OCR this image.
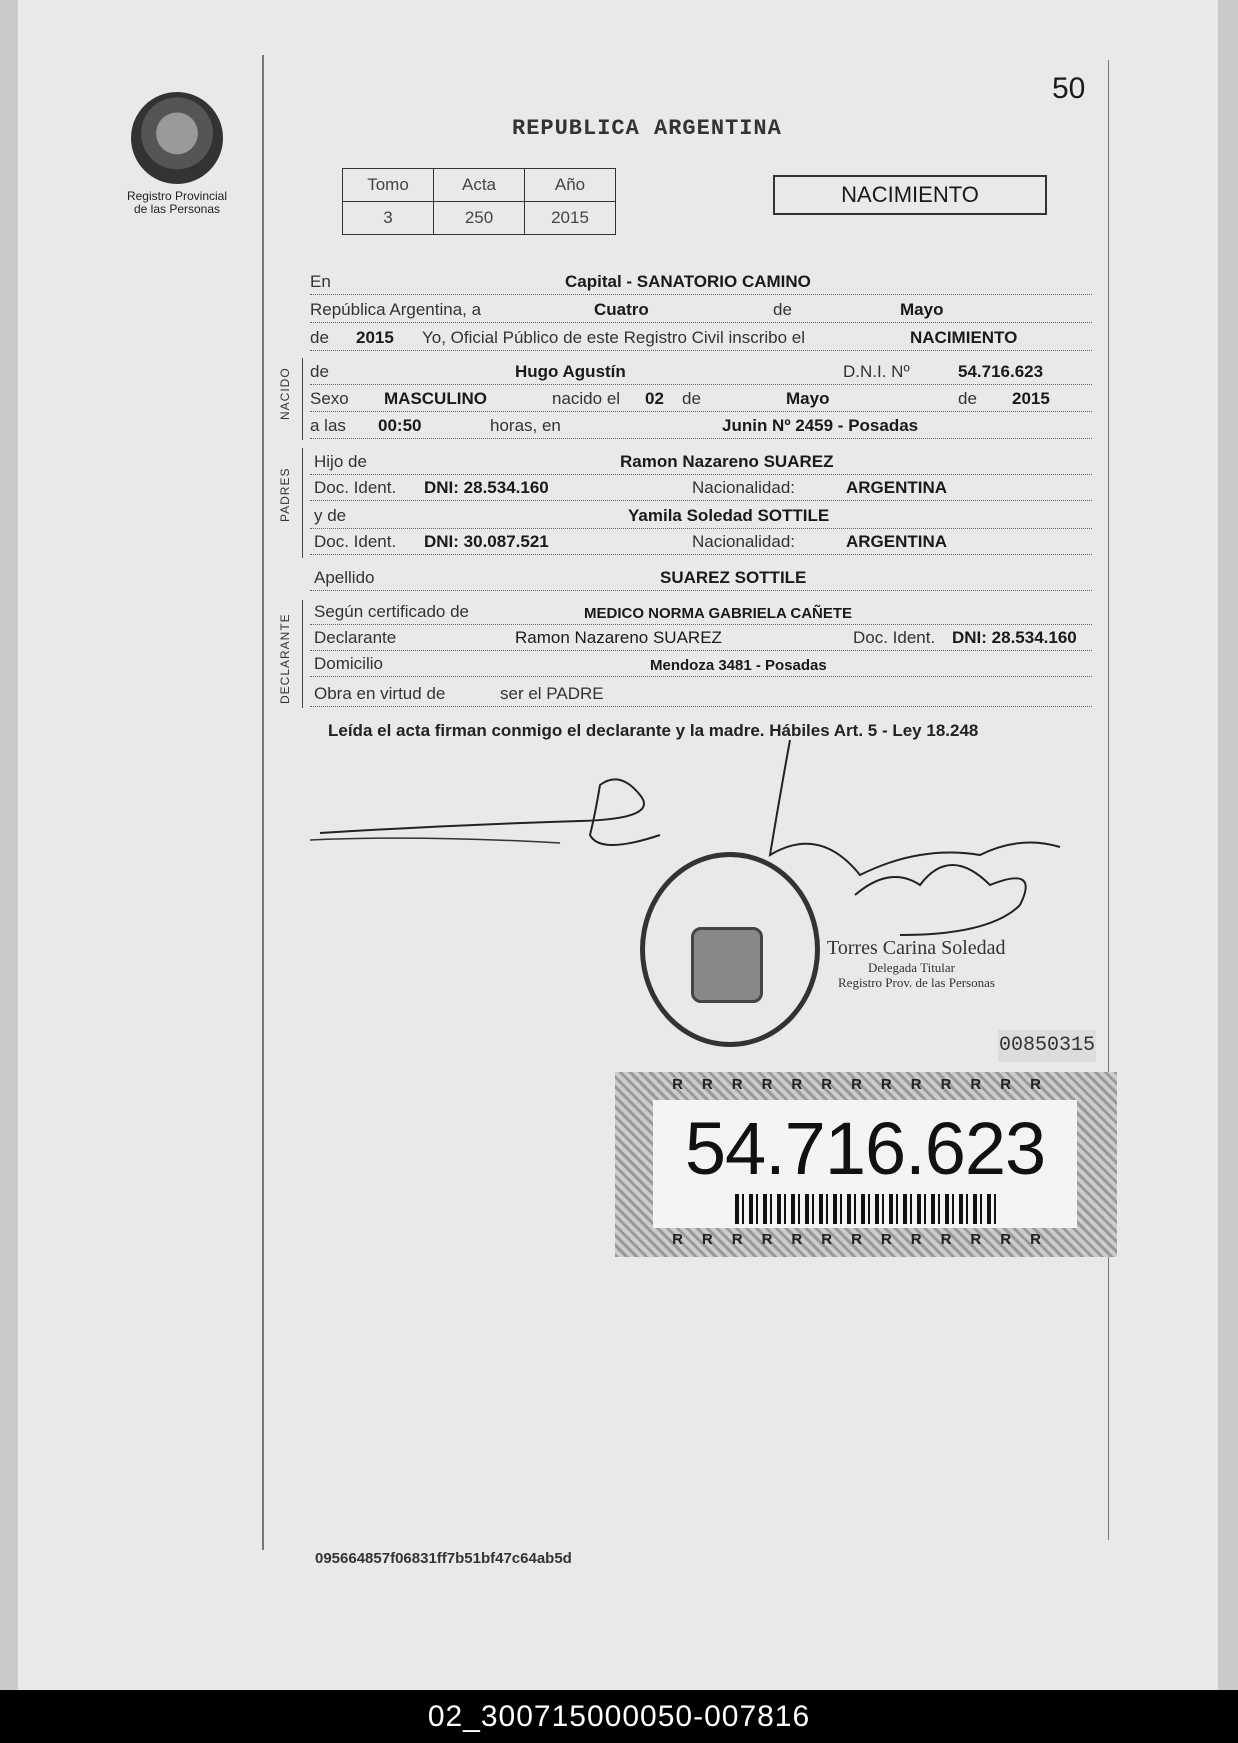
Registro Provincial
de las Personas
50
REPUBLICA ARGENTINA
Tomo	Acta	Año
3	250	2015
NACIMIENTO
En	Capital - SANATORIO CAMINO
República Argentina, a	Cuatro	de	Mayo
de 2015 Yo, Oficial Público de este Registro Civil inscribo el	NACIMIENTO
NACIDO de	Hugo Agustín	D.N.I. Nº	54.716.623
Sexo MASCULINO	nacido el 02 de	Mayo	de 2015
a las 00:50	horas, en	Junin Nº 2459 - Posadas
PADRES
Hijo de	Ramon Nazareno SUAREZ
Doc. Ident. DNI: 28.534.160	Nacionalidad:	ARGENTINA
y de	Yamila Soledad SOTTILE
Doc. Ident. DNI: 30.087.521	Nacionalidad:	ARGENTINA
Apellido	SUAREZ SOTTILE
DECLARANTE
Según certificado de	MEDICO NORMA GABRIELA CAÑETE
Declarante	Ramon Nazareno SUAREZ	Doc. Ident. DNI: 28.534.160
Domicilio	Mendoza 3481 - Posadas
Obra en virtud de	ser el PADRE
Leída el acta firman conmigo el declarante y la madre. Hábiles Art. 5 - Ley 18.248
Torres Carina Soledad
Delegada Titular
Registro Prov. de las Personas
00850315
RRRRRRRRRRRRR
54.716.623
RRRRRRRRRRRRR
095664857f06831ff7b51bf47c64ab5d
02_300715000050-007816
